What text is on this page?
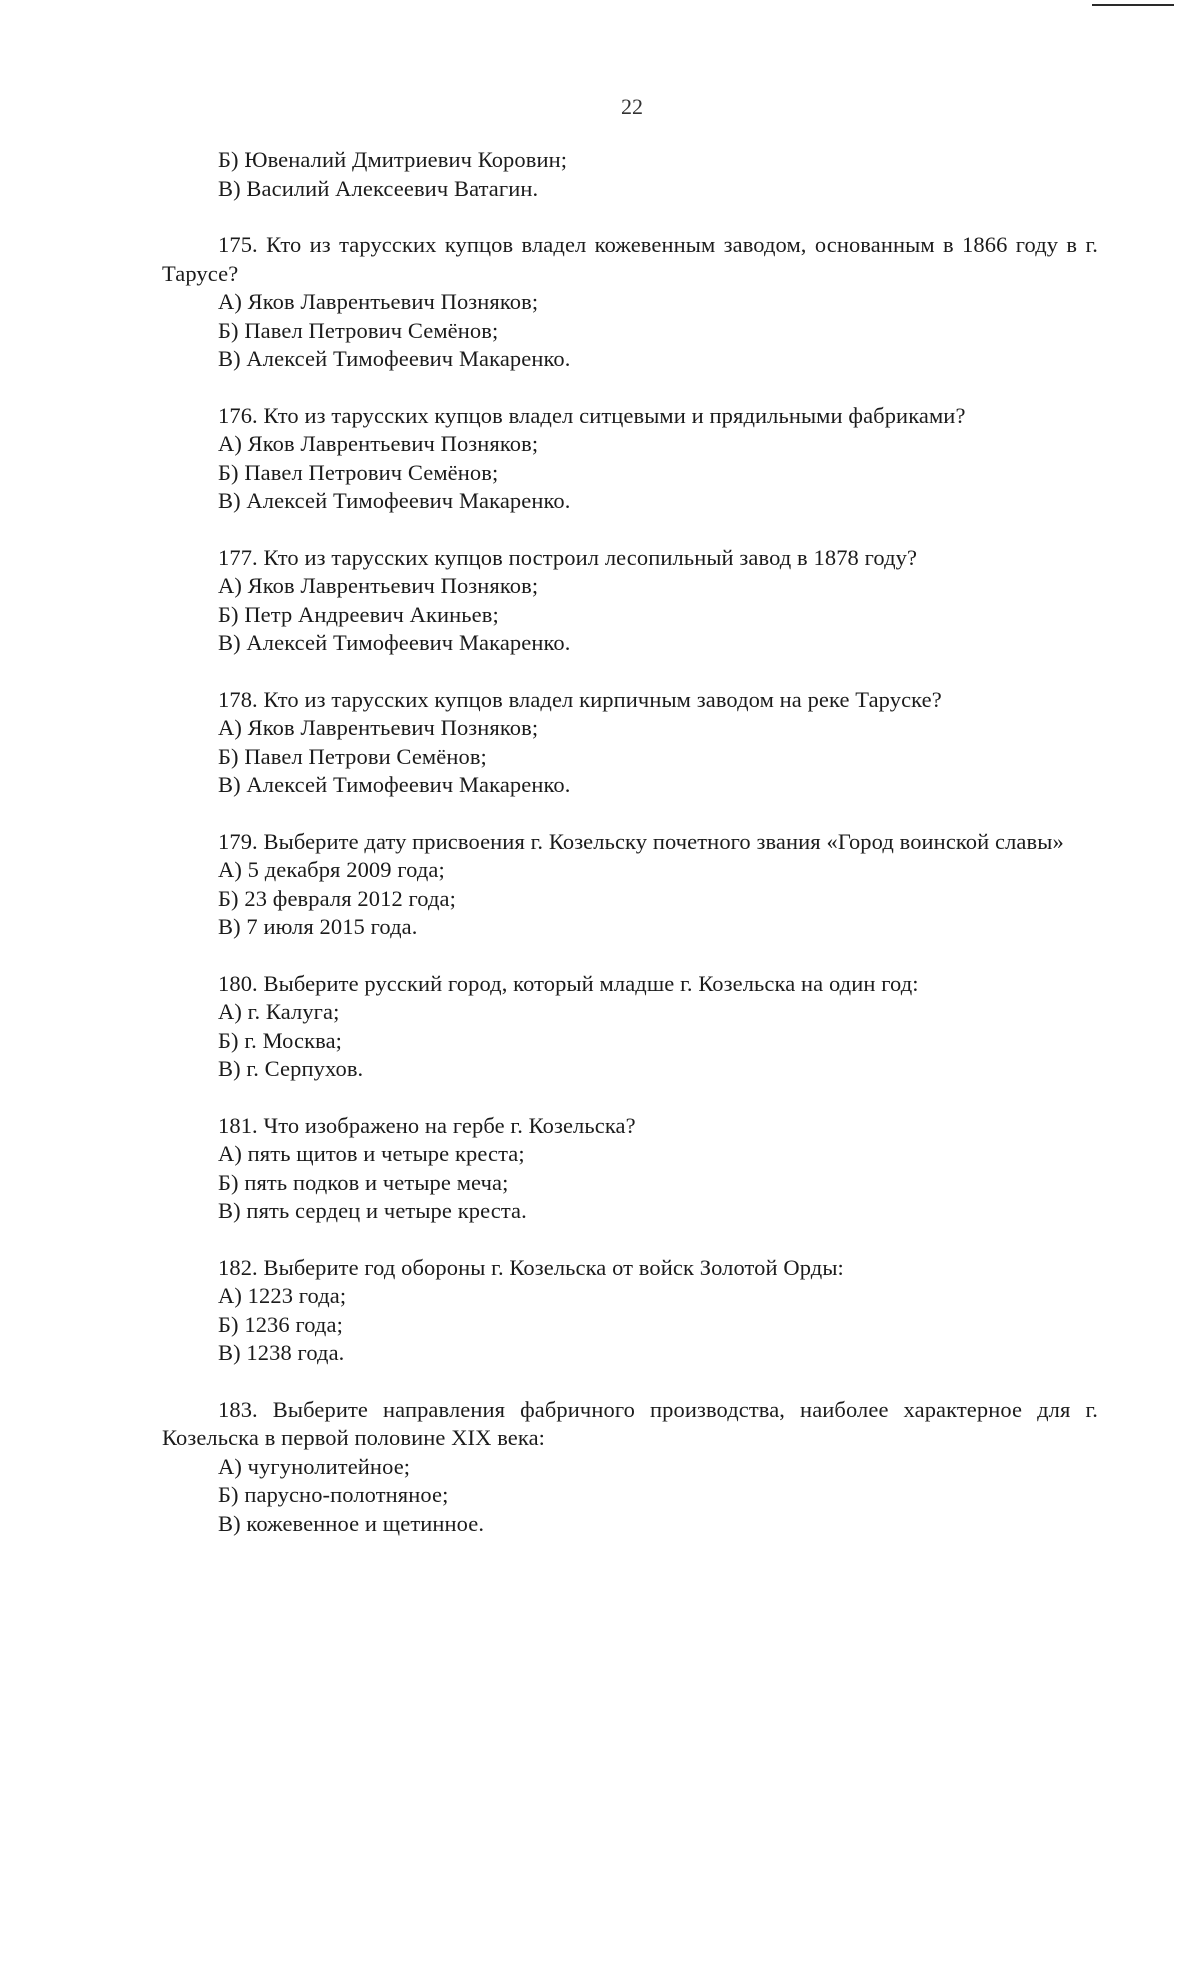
22
Б) Ювеналий Дмитриевич Коровин;
В) Василий Алексеевич Ватагин.
175. Кто из тарусских купцов владел кожевенным заводом, основанным в 1866 году в г. Тарусе?
А) Яков Лаврентьевич Позняков;
Б) Павел Петрович Семёнов;
В) Алексей Тимофеевич Макаренко.
176. Кто из тарусских купцов владел ситцевыми и прядильными фабриками?
А) Яков Лаврентьевич Позняков;
Б) Павел Петрович Семёнов;
В) Алексей Тимофеевич Макаренко.
177. Кто из тарусских купцов построил лесопильный завод в 1878 году?
А) Яков Лаврентьевич Позняков;
Б) Петр Андреевич Акиньев;
В) Алексей Тимофеевич Макаренко.
178. Кто из тарусских купцов владел кирпичным заводом на реке Таруске?
А) Яков Лаврентьевич Позняков;
Б) Павел Петрови Семёнов;
В) Алексей Тимофеевич Макаренко.
179. Выберите дату присвоения г. Козельску почетного звания «Город воинской славы»
А) 5 декабря 2009 года;
Б) 23 февраля 2012 года;
В) 7 июля 2015 года.
180. Выберите русский город, который младше г. Козельска на один год:
А) г. Калуга;
Б) г. Москва;
В) г. Серпухов.
181. Что изображено на гербе г. Козельска?
А) пять щитов и четыре креста;
Б) пять подков и четыре меча;
В) пять сердец и четыре креста.
182. Выберите год обороны г. Козельска от войск Золотой Орды:
А) 1223 года;
Б) 1236 года;
В) 1238 года.
183. Выберите направления фабричного производства, наиболее характерное для г. Козельска в первой половине XIX века:
А) чугунолитейное;
Б) парусно-полотняное;
В) кожевенное и щетинное.
